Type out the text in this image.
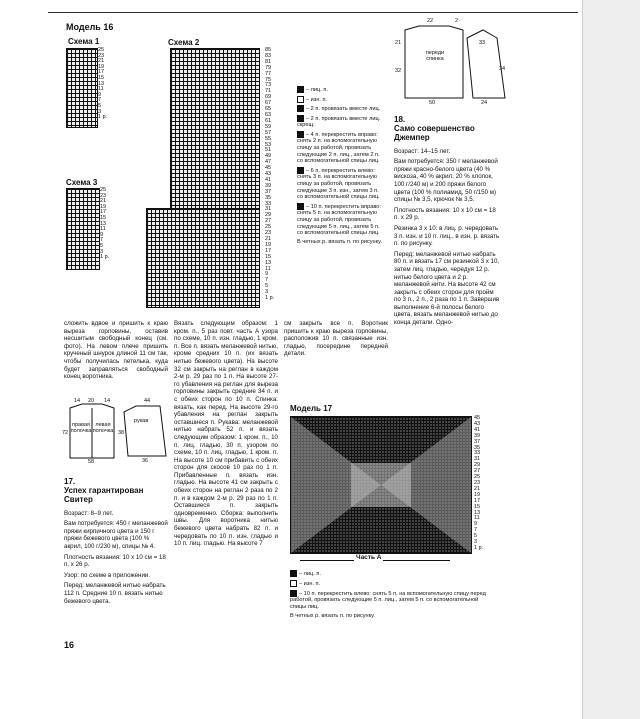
Модель 16
Схема 1
25
23
21
19
17
15
13
11
9
7
5
3
1 р.
Схема 3
25
23
21
19
17
15
13
11
9
7
5
3
1 р.
Схема 2
85
83
81
79
77
75
73
71
69
67
65
63
61
59
57
55
53
51
49
47
45
43
41
39
37
35
33
31
29
27
25
23
21
19
17
15
13
11
9
7
5
3
1 р.
– лиц. п.
– изн. п.
– 2 п. провязать вместе лиц.
– 2 п. провязать вместе лиц. скрещ.
– 4 п. перекрестить вправо: снять 2 п. на вспомогательную спицу за работой, провязать следующие 2 п. лиц., затем 2 п. со вспомогательной спицы лиц.
– 6 п. перекрестить влево: снять 3 п. на вспомогательную спицу за работой, провязать следующие 3 п. изн., затем 3 п. со вспомогательной спицы лиц.
– 10 п. перекрестить вправо: снять 5 п. на вспомогательную спицу за работой, провязать следующие 5 п. лиц., затем 5 п. со вспомогательной спицы лиц.
В четных р. вязать п. по рисунку.
22	2
21	33
32	34
50	24
переди спинка
18.
Само совершенство Джемпер

Возраст: 14–15 лет.

Вам потребуется: 350 г меланжевой пряжи красно-белого цвета (40 % вискоза, 40 % акрил, 20 % хлопок, 100 г/240 м) и 200 пряжи белого цвета (100 % полиамид, 50 г/150 м) спицы № 3,5, крючок № 3,5.

Плотность вязания: 10 х 10 см = 18 п. х 29 р.

Резинка 3 х 10: в лиц. р. чередовать 3 п. изн. и 10 п. лиц., в изн. р. вязать п. по рисунку.

Перед: меланжевой нитью набрать 80 п. и вязать 17 см резинкой 3 х 10, затем лиц. гладью, чередуя 12 р. нитью белого цвета и 2 р. меланжевой нити. На высоте 42 см закрыть с обеих сторон для пройм по 3 п., 2 п., 2 раза по 1 п. Завершив выполнение 6-й полосы белого цвета, вязать меланжевой нитью до конца детали. Одно-

сложить вдвое и пришить к краю выреза горловины, оставив несшитым свободный конец (см. фото). На левом плече пришить крученый шнурок длиной 11 см так, чтобы получилась петелька, куда будет заправляться свободный конец воротника.
правая полочка
левая полочка
рукав
14 20 14	44
72
58	36
38
17.
Успех гарантирован Свитер

Возраст: 8–9 лет.

Вам потребуется: 450 г меланжевой пряжи кирпичного цвета и 150 г пряжи бежевого цвета (100 % акрил, 100 г/230 м), спицы № 4.

Плотность вязания: 10 х 10 см = 18 п. х 26 р.

Узор: по схеме в приложении.

Перед: меланжевой нитью набрать 112 п. Средние 10 п. вязать нитью бежевого цвета.

Вязать следующим образом: 1 кром. п., 5 раз повт. часть А узора по схеме, 10 п. изн. гладью, 1 кром. п. Все п. вязать меланжевой нитью, кроме средних 10 п. (их вязать нитью бежевого цвета). На высоте 32 см закрыть на реглан в каждом 2-м р. 29 раз по 1 п. На высоте 27-го убавления на реглан для выреза горловины закрыть средние 34 п. и с обеих сторон по 10 п. Спинка: вязать, как перед. На высоте 29-го убавления на реглан закрыть оставшиеся п. Рукава: меланжевой нитью набрать 52 п. и вязать следующим образом: 1 кром. п., 10 п. лиц. гладью, 30 п. узором по схеме, 10 п. лиц. гладью, 1 кром. п. На высоте 10 см прибавить с обеих сторон для скосов 10 раз по 1 п. Прибавленные п. вязать изн. гладью. На высоте 41 см закрыть с обеих сторон на реглан 2 раза по 2 п. и в каждом 2-м р. 29 раз по 1 п. Оставшиеся п. закрыть одновременно. Сборка: выполнить швы. Для воротника нитью бежевого цвета набрать 82 п. и чередовать по 10 п. изн. гладью и 10 п. лиц. гладью. На высоте 7
см закрыть все п. Воротник пришить к краю выреза горловины, расположив 10 п. связанные изн. гладью, посередине передней детали.
Модель 17
45
43
41
39
37
35
33
31
29
27
25
23
21
19
17
15
13
11
9
7
5
3
1 р.
Часть А
– лиц. п.
– изн. п.
– 10 п. перекрестить влево: снять 5 п. на вспомогательную спицу перед работой, провязать следующие 5 п. лиц., затем 5 п. со вспомогательной спицы лиц.
В четных р. вязать п. по рисунку.
16
